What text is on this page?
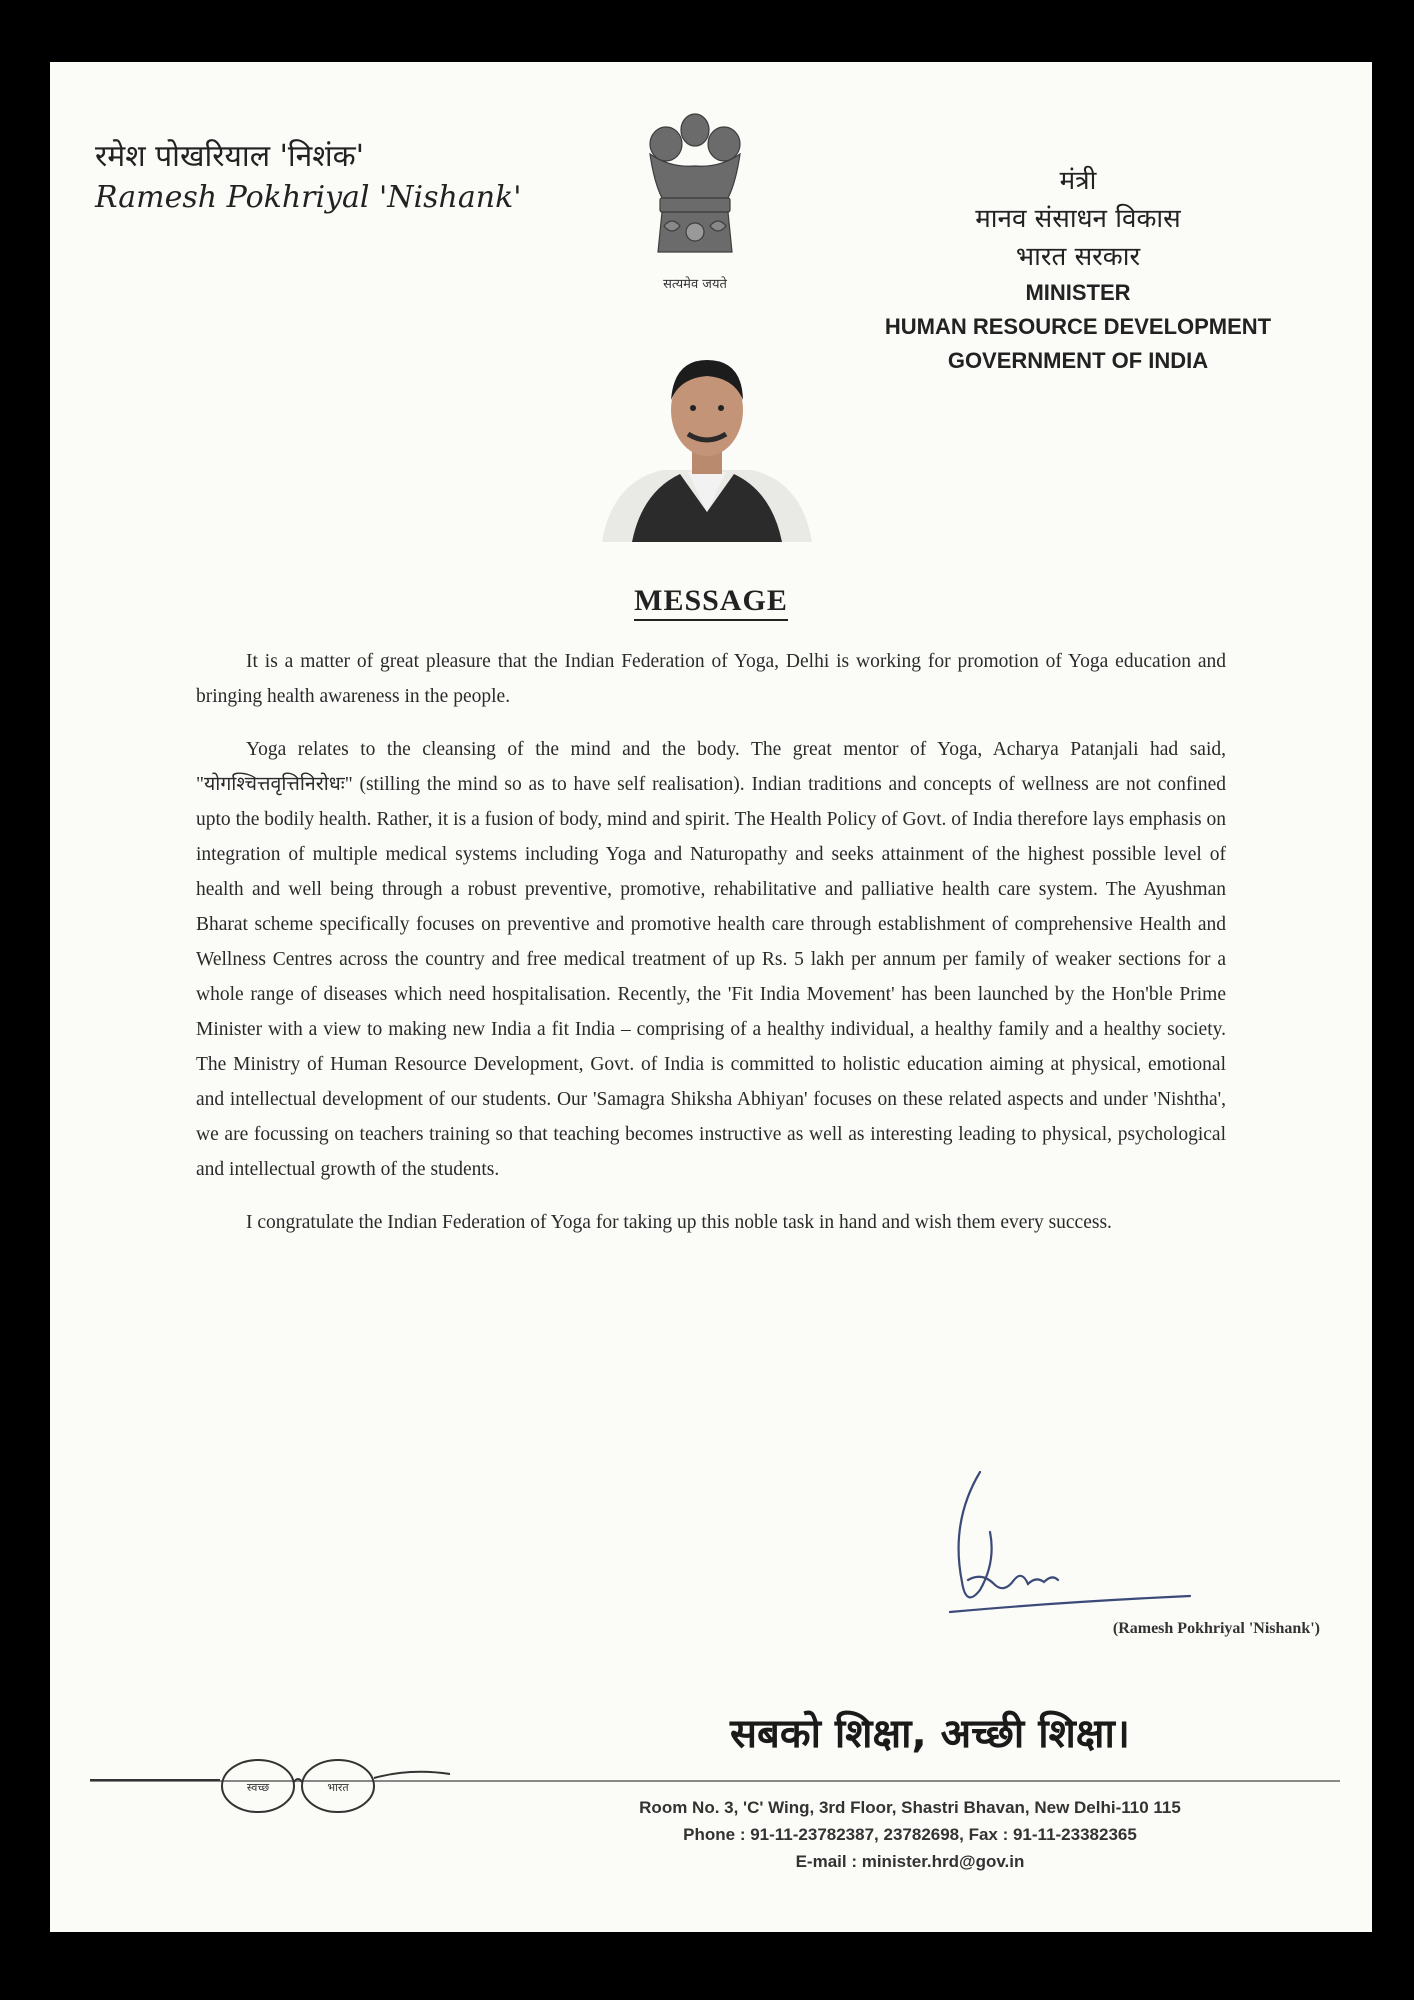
रमेश पोखरियाल 'निशंक'
Ramesh Pokhriyal 'Nishank'
सत्यमेव जयते
मंत्री
मानव संसाधन विकास
भारत सरकार
MINISTER
HUMAN RESOURCE DEVELOPMENT
GOVERNMENT OF INDIA
MESSAGE

It is a matter of great pleasure that the Indian Federation of Yoga, Delhi is working for promotion of Yoga education and bringing health awareness in the people.

Yoga relates to the cleansing of the mind and the body. The great mentor of Yoga, Acharya Patanjali had said, "योगश्चित्तवृत्तिनिरोधः" (stilling the mind so as to have self realisation). Indian traditions and concepts of wellness are not confined upto the bodily health. Rather, it is a fusion of body, mind and spirit. The Health Policy of Govt. of India therefore lays emphasis on integration of multiple medical systems including Yoga and Naturopathy and seeks attainment of the highest possible level of health and well being through a robust preventive, promotive, rehabilitative and palliative health care system. The Ayushman Bharat scheme specifically focuses on preventive and promotive health care through establishment of comprehensive Health and Wellness Centres across the country and free medical treatment of up Rs. 5 lakh per annum per family of weaker sections for a whole range of diseases which need hospitalisation. Recently, the 'Fit India Movement' has been launched by the Hon'ble Prime Minister with a view to making new India a fit India – comprising of a healthy individual, a healthy family and a healthy society. The Ministry of Human Resource Development, Govt. of India is committed to holistic education aiming at physical, emotional and intellectual development of our students. Our 'Samagra Shiksha Abhiyan' focuses on these related aspects and under 'Nishtha', we are focussing on teachers training so that teaching becomes instructive as well as interesting leading to physical, psychological and intellectual growth of the students.

I congratulate the Indian Federation of Yoga for taking up this noble task in hand and wish them every success.

(Ramesh Pokhriyal 'Nishank')
सबको शिक्षा, अच्छी शिक्षा।
स्वच्छ	भारत
Room No. 3, 'C' Wing, 3rd Floor, Shastri Bhavan, New Delhi-110 115
Phone : 91-11-23782387, 23782698, Fax : 91-11-23382365
E-mail : minister.hrd@gov.in
